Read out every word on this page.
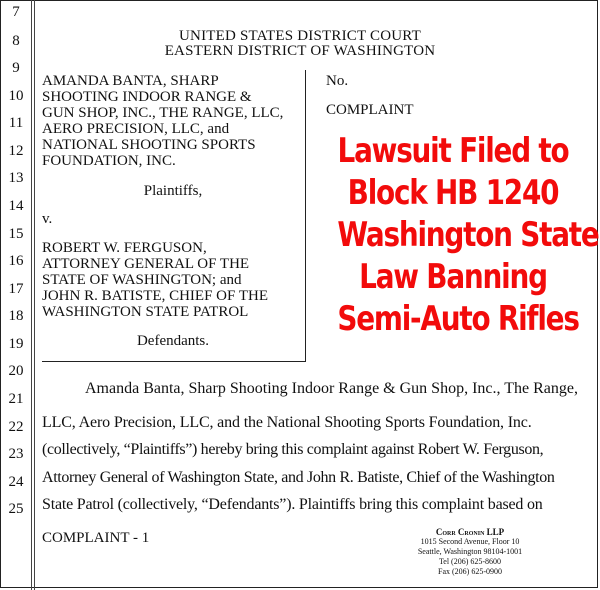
7
8
9
10
11
12
13
14
15
16
17
18
19
20
21
22
23
24
25
UNITED STATES DISTRICT COURT
EASTERN DISTRICT OF WASHINGTON
AMANDA BANTA, SHARP
SHOOTING INDOOR RANGE &
GUN SHOP, INC., THE RANGE, LLC,
AERO PRECISION, LLC, and
NATIONAL SHOOTING SPORTS
FOUNDATION, INC.
Plaintiffs,
v.
ROBERT W. FERGUSON,
ATTORNEY GENERAL OF THE
STATE OF WASHINGTON; and
JOHN R. BATISTE, CHIEF OF THE
WASHINGTON STATE PATROL
Defendants.
No.
COMPLAINT
Lawsuit Filed to
Block HB 1240
Washington State
Law Banning
Semi-Auto Rifles
Amanda Banta, Sharp Shooting Indoor Range & Gun Shop, Inc., The Range,
LLC, Aero Precision, LLC, and the National Shooting Sports Foundation, Inc.
(collectively, “Plaintiffs”) hereby bring this complaint against Robert W. Ferguson,
Attorney General of Washington State, and John R. Batiste, Chief of the Washington
State Patrol (collectively, “Defendants”). Plaintiffs bring this complaint based on
COMPLAINT - 1	Corr Cronin LLP
1015 Second Avenue, Floor 10
Seattle, Washington 98104-1001
Tel (206) 625-8600
Fax (206) 625-0900
